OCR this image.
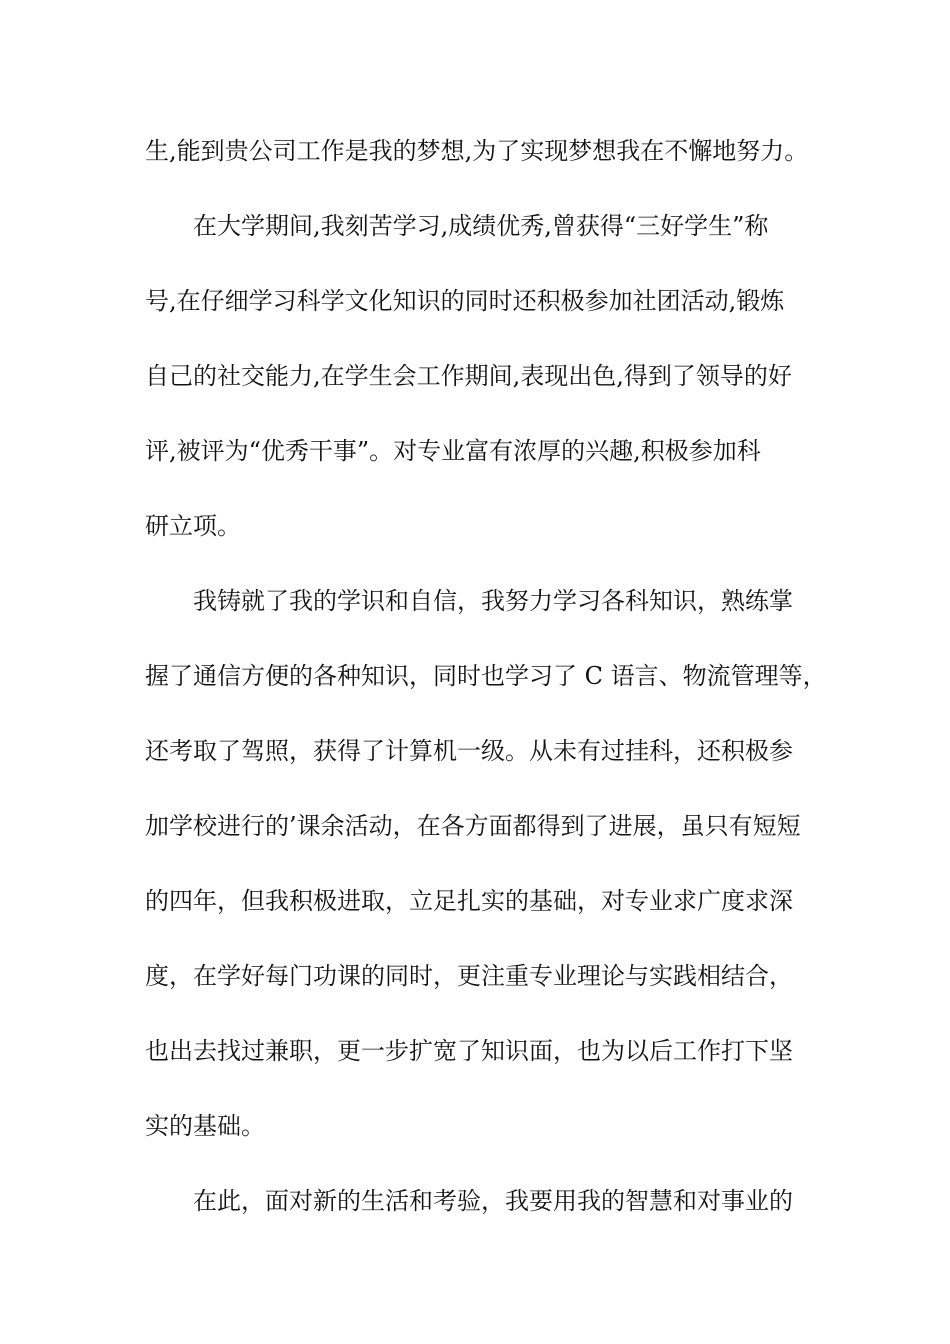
生,能到贵公司工作是我的梦想,为了实现梦想我在不懈地努力。
在大学期间,我刻苦学习,成绩优秀,曾获得“三好学生”称
号,在仔细学习科学文化知识的同时还积极参加社团活动,锻炼
自己的社交能力,在学生会工作期间,表现出色,得到了领导的好
评,被评为“优秀干事”。对专业富有浓厚的兴趣,积极参加科
研立项。
我铸就了我的学识和自信，我努力学习各科知识，熟练掌
握了通信方便的各种知识，同时也学习了 C 语言、物流管理等，
还考取了驾照，获得了计算机一级。从未有过挂科，还积极参
加学校进行的’课余活动，在各方面都得到了进展，虽只有短短
的四年，但我积极进取，立足扎实的基础，对专业求广度求深
度，在学好每门功课的同时，更注重专业理论与实践相结合，
也出去找过兼职，更一步扩宽了知识面，也为以后工作打下坚
实的基础。
在此，面对新的生活和考验，我要用我的智慧和对事业的
